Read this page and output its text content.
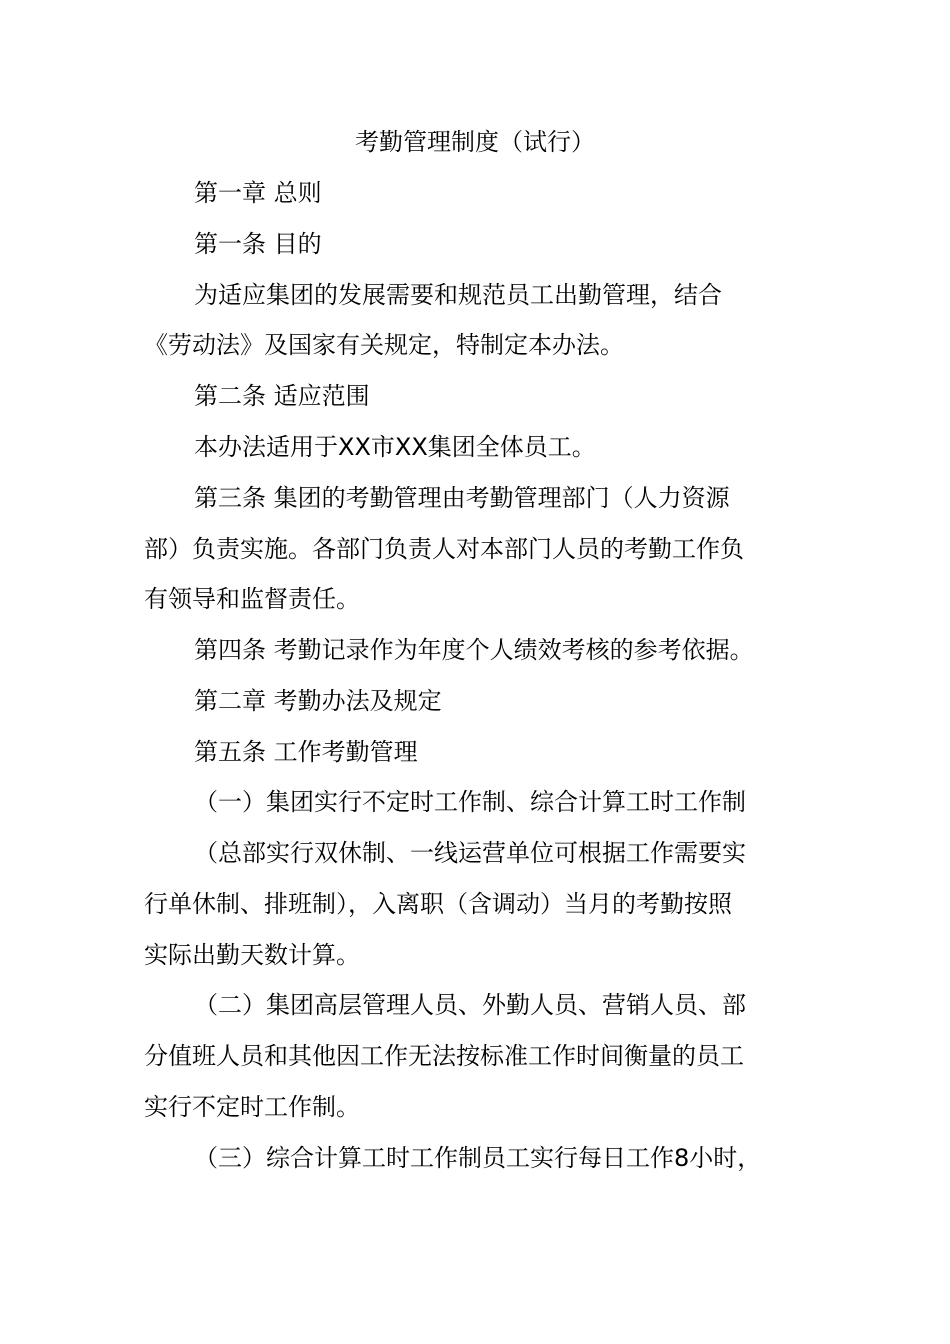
考勤管理制度（试行）
第一章 总则
第一条 目的
为适应集团的发展需要和规范员工出勤管理，结合
《劳动法》及国家有关规定，特制定本办法。
第二条 适应范围
本办法适用于XX市XX集团全体员工。
第三条 集团的考勤管理由考勤管理部门（人力资源
部）负责实施。各部门负责人对本部门人员的考勤工作负
有领导和监督责任。
第四条 考勤记录作为年度个人绩效考核的参考依据。
第二章 考勤办法及规定
第五条 工作考勤管理
（一）集团实行不定时工作制、综合计算工时工作制
（总部实行双休制、一线运营单位可根据工作需要实
行单休制、排班制），入离职（含调动）当月的考勤按照
实际出勤天数计算。
（二）集团高层管理人员、外勤人员、营销人员、部
分值班人员和其他因工作无法按标准工作时间衡量的员工
实行不定时工作制。
（三）综合计算工时工作制员工实行每日工作8小时，
